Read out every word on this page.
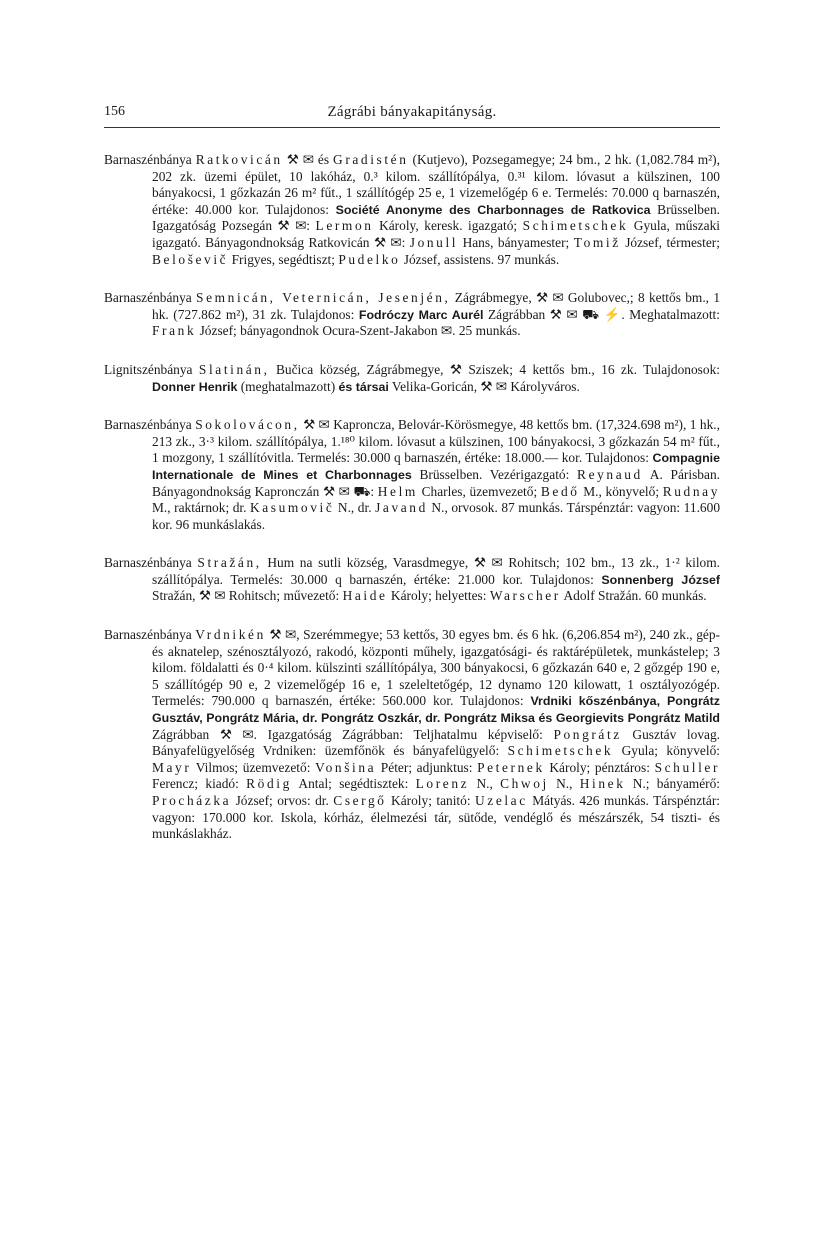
156	Zágrábi bányakapitányság.

Barnaszénbánya Ratkovicán ⚒ ✉ és Gradistén (Kutjevo), Pozsegamegye; 24 bm., 2 hk. (1,082.784 m²), 202 zk. üzemi épület, 10 lakóház, 0.³ kilom. szállítópálya, 0.³¹ kilom. lóvasut a külszinen, 100 bányakocsi, 1 gőzkazán 26 m² fűt., 1 szállítógép 25 e, 1 vizemelőgép 6 e. Termelés: 70.000 q barnaszén, értéke: 40.000 kor. Tulajdonos: Société Anonyme des Charbonnages de Ratkovica Brüsselben. Igazgatóság Pozsegán ⚒ ✉: Lermon Károly, keresk. igazgató; Schimetschek Gyula, műszaki igazgató. Bányagondnokság Ratkovicán ⚒ ✉: Jonull Hans, bányamester; Tomiž József, térmester; Beloševič Frigyes, segédtiszt; Pudelko József, assistens. 97 munkás.

Barnaszénbánya Semnicán, Veternicán, Jesenjén, Zágrábmegye, ⚒ ✉ Golubovec,; 8 kettős bm., 1 hk. (727.862 m²), 31 zk. Tulajdonos: Fodróczy Marc Aurél Zágrábban ⚒ ✉ ⛟ ⚡. Meghatalmazott: Frank József; bányagondnok Ocura-Szent-Jakabon ✉. 25 munkás.

Lignitszénbánya Slatinán, Bučica község, Zágrábmegye, ⚒ Sziszek; 4 kettős bm., 16 zk. Tulajdonosok: Donner Henrik (meghatalmazott) és társai Velika-Goricán, ⚒ ✉ Károlyváros.

Barnaszénbánya Sokolovácon, ⚒ ✉ Kaproncza, Belovár-Körösmegye, 48 kettős bm. (17,324.698 m²), 1 hk., 213 zk., 3·³ kilom. szállítópálya, 1.¹⁸⁰ kilom. lóvasut a külszinen, 100 bányakocsi, 3 gőzkazán 54 m² fűt., 1 mozgony, 1 szállítóvitla. Termelés: 30.000 q barnaszén, értéke: 18.000.— kor. Tulajdonos: Compagnie Internationale de Mines et Charbonnages Brüsselben. Vezérigazgató: Reynaud A. Párisban. Bányagondnokság Kapronczán ⚒ ✉ ⛟: Helm Charles, üzemvezető; Bedő M., könyvelő; Rudnay M., raktárnok; dr. Kasumovič N., dr. Javand N., orvosok. 87 munkás. Társpénztár: vagyon: 11.600 kor. 96 munkáslakás.

Barnaszénbánya Stražán, Hum na sutli község, Varasdmegye, ⚒ ✉ Rohitsch; 102 bm., 13 zk., 1·² kilom. szállítópálya. Termelés: 30.000 q barnaszén, értéke: 21.000 kor. Tulajdonos: Sonnenberg József Stražán, ⚒ ✉ Rohitsch; művezető: Haide Károly; helyettes: Warscher Adolf Stražán. 60 munkás.

Barnaszénbánya Vrdnikén ⚒ ✉, Szerémmegye; 53 kettős, 30 egyes bm. és 6 hk. (6,206.854 m²), 240 zk., gép- és aknatelep, szénosztályozó, rakodó, központi műhely, igazgatósági- és raktárépületek, munkástelep; 3 kilom. földalatti és 0·⁴ kilom. külszinti szállítópálya, 300 bányakocsi, 6 gőzkazán 640 e, 2 gőzgép 190 e, 5 szállítógép 90 e, 2 vizemelőgép 16 e, 1 szeleltetőgép, 12 dynamo 120 kilowatt, 1 osztályozógép. Termelés: 790.000 q barnaszén, értéke: 560.000 kor. Tulajdonos: Vrdniki kőszénbánya, Pongrátz Gusztáv, Pongrátz Mária, dr. Pongrátz Oszkár, dr. Pongrátz Miksa és Georgievits Pongrátz Matild Zágrábban ⚒ ✉. Igazgatóság Zágrábban: Teljhatalmu képviselő: Pongrátz Gusztáv lovag. Bányafelügyelőség Vrdniken: üzemfőnök és bányafelügyelő: Schimetschek Gyula; könyvelő: Mayr Vilmos; üzemvezető: Vonšina Péter; adjunktus: Peternek Károly; pénztáros: Schuller Ferencz; kiadó: Rödig Antal; segédtisztek: Lorenz N., Chwoj N., Hinek N.; bányamérő: Procházka József; orvos: dr. Csergő Károly; tanitó: Uzelac Mátyás. 426 munkás. Társpénztár: vagyon: 170.000 kor. Iskola, kórház, élelmezési tár, sütőde, vendéglő és mészárszék, 54 tiszti- és munkáslakház.
